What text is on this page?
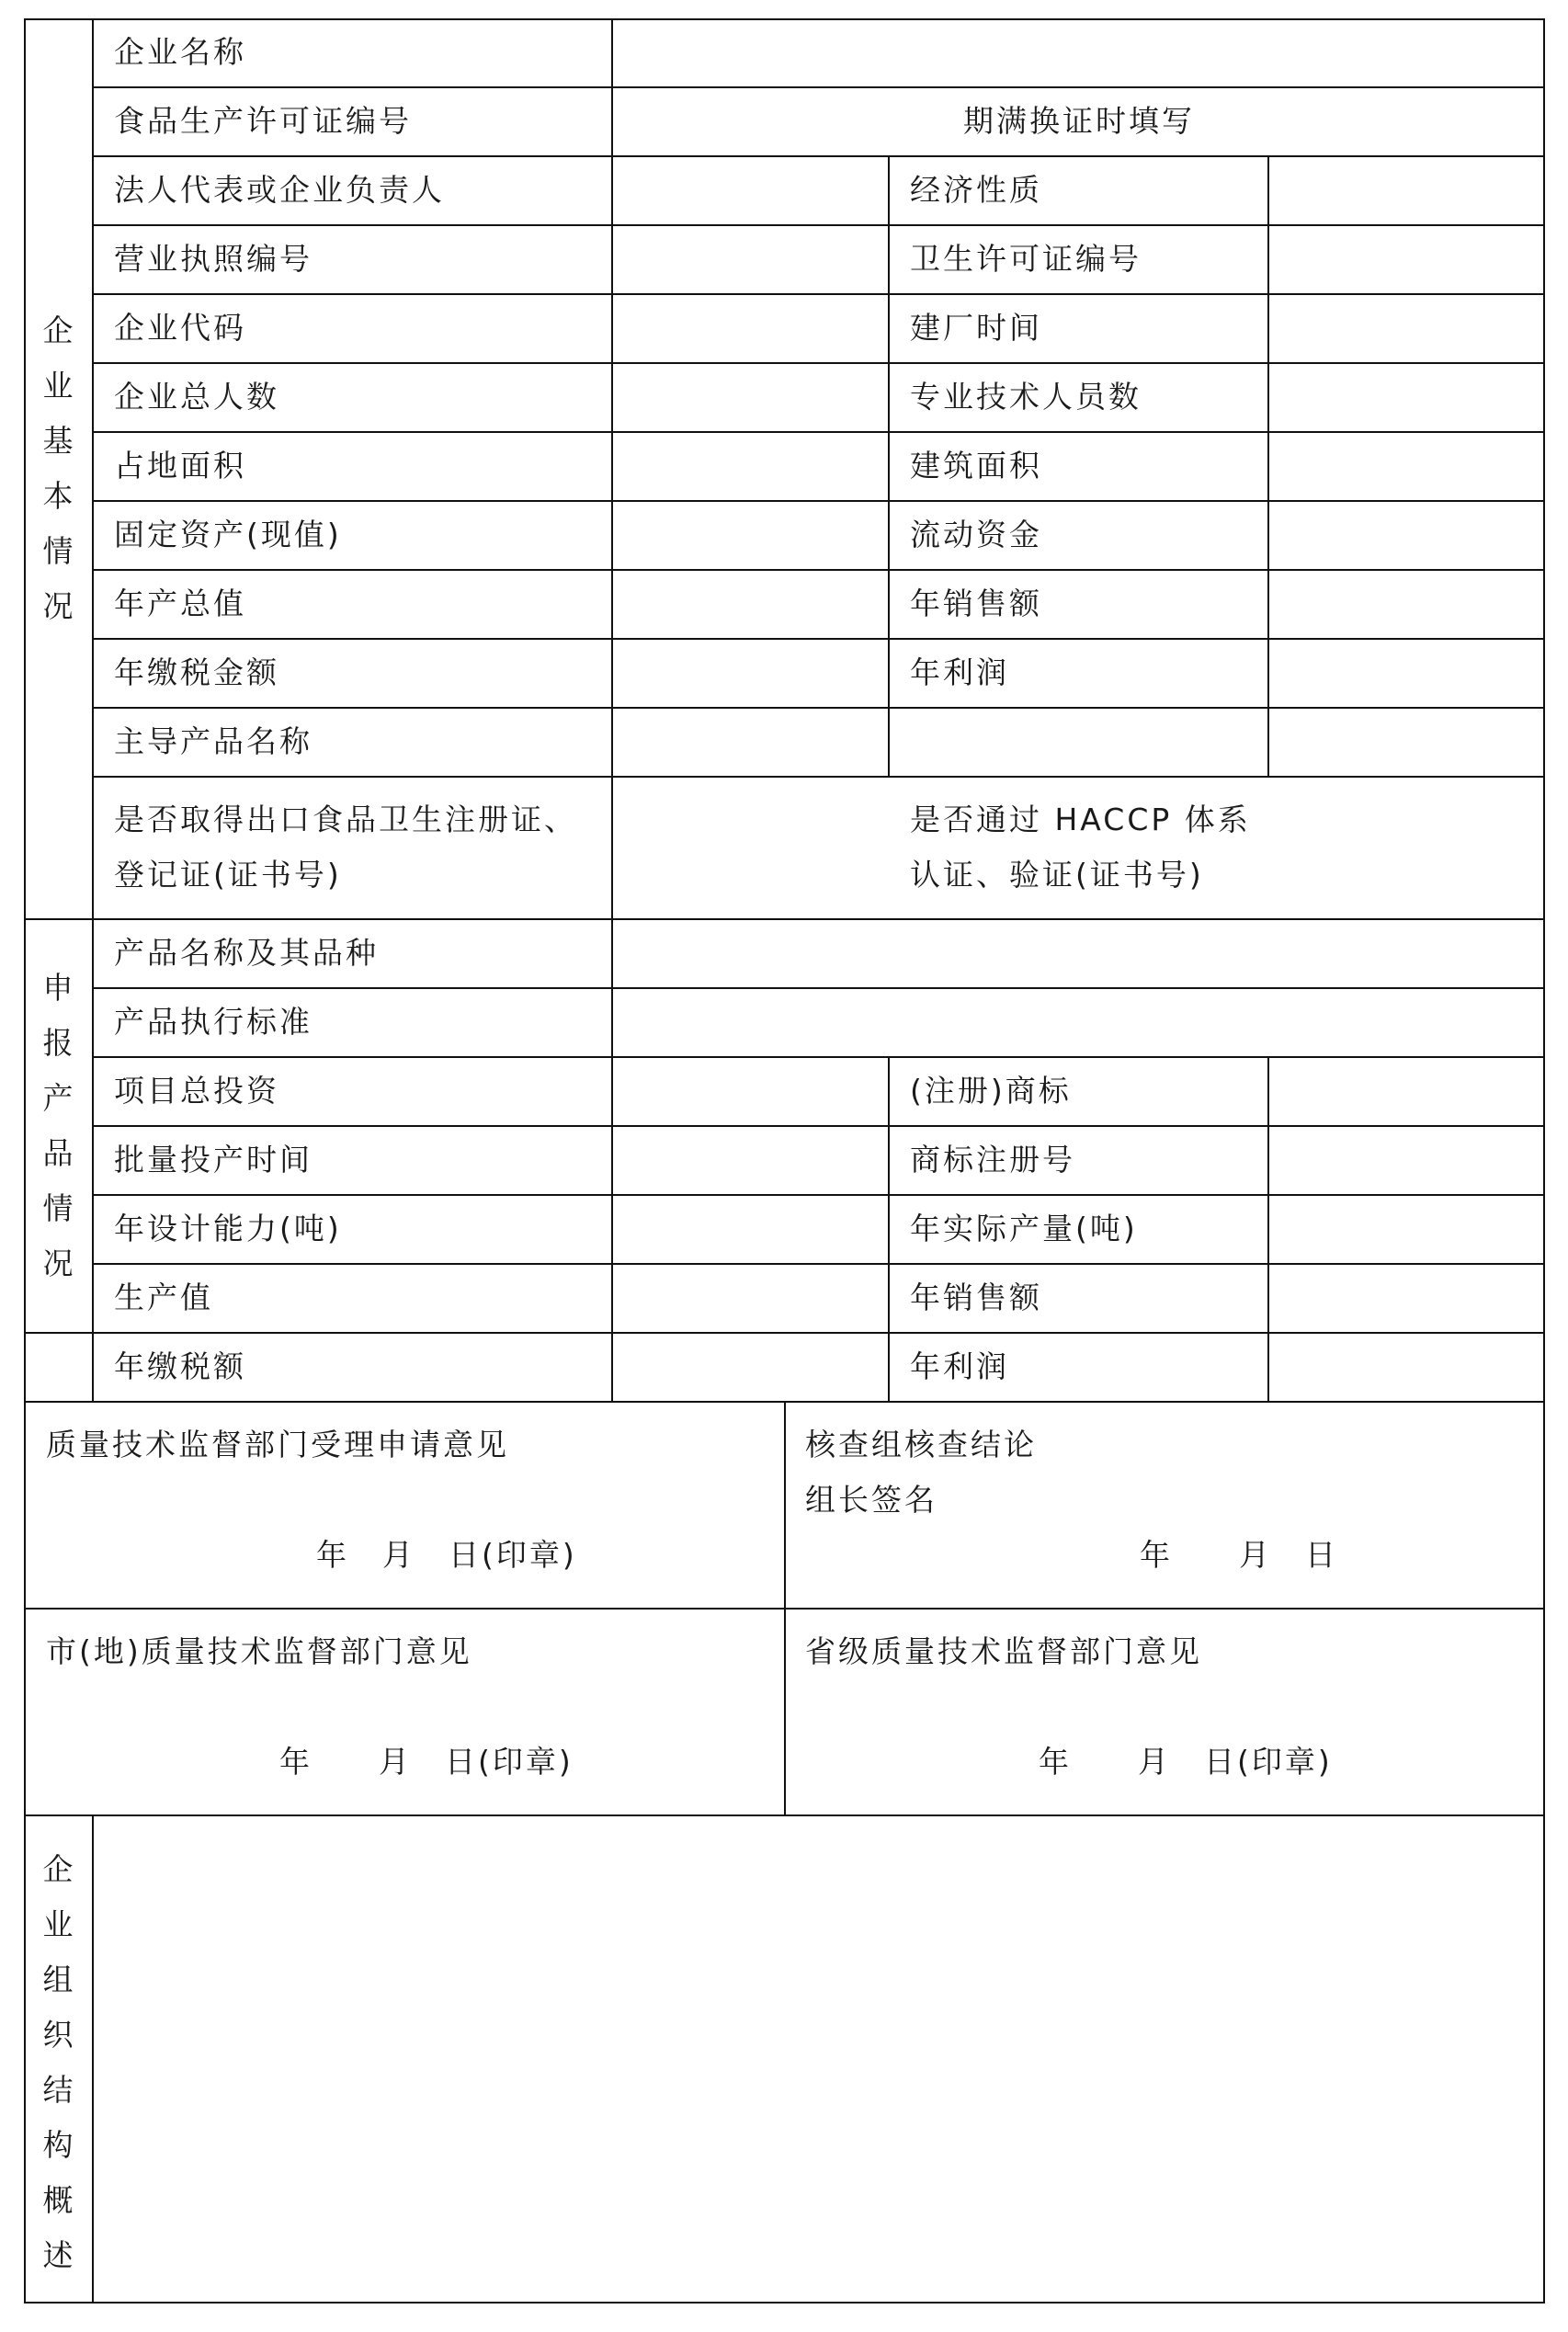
企
业
基
本
情
况
企业名称
食品生产许可证编号	期满换证时填写
法人代表或企业负责人	经济性质
营业执照编号	卫生许可证编号
企业代码	建厂时间
企业总人数	专业技术人员数
占地面积	建筑面积
固定资产(现值)	流动资金
年产总值	年销售额
年缴税金额	年利润
主导产品名称
是否取得出口食品卫生注册证、
登记证(证书号)
是否通过 HACCP 体系
认证、验证(证书号)
申
报
产
品
情
况
产品名称及其品种
产品执行标准
项目总投资	(注册)商标
批量投产时间	商标注册号
年设计能力(吨)	年实际产量(吨)
生产值	年销售额
年缴税额	年利润
质量技术监督部门受理申请意见
年　月　日(印章)
核查组核查结论
组长签名
年　　月　日
市(地)质量技术监督部门意见
年　　月　日(印章)
省级质量技术监督部门意见
年　　月　日(印章)
企
业
组
织
结
构
概
述
